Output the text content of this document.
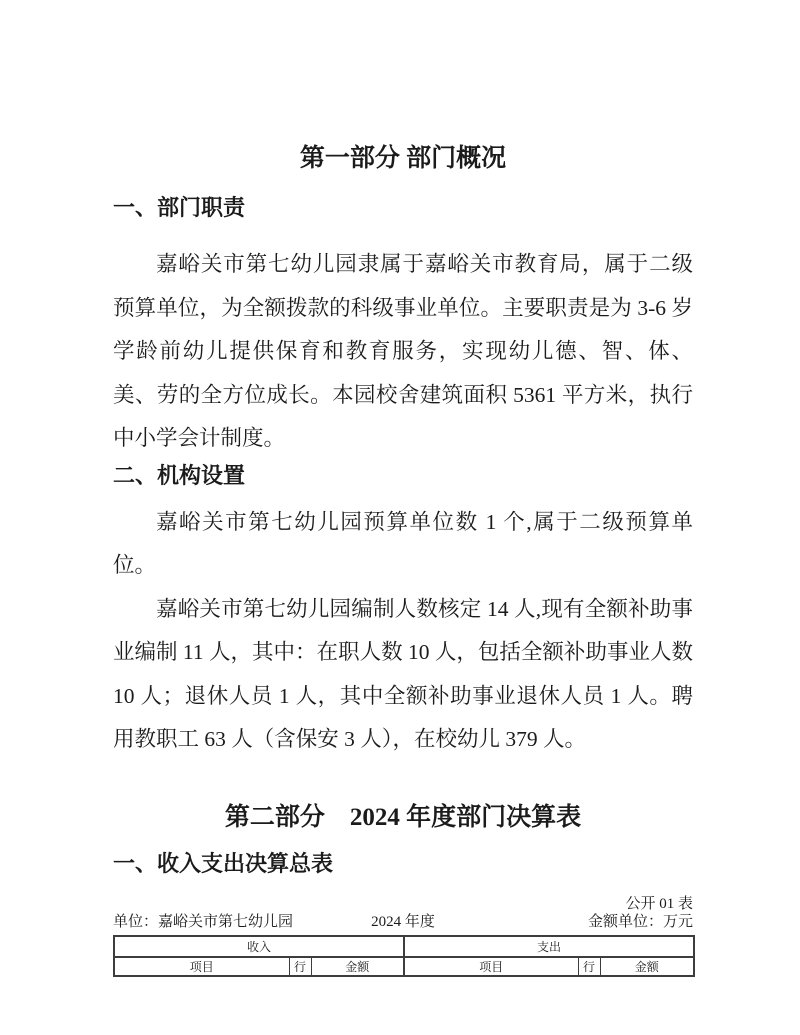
第一部分 部门概况
一、部门职责

嘉峪关市第七幼儿园隶属于嘉峪关市教育局，属于二级预算单位，为全额拨款的科级事业单位。主要职责是为 3-6 岁学龄前幼儿提供保育和教育服务，实现幼儿德、智、体、美、劳的全方位成长。本园校舍建筑面积 5361 平方米，执行中小学会计制度。

二、机构设置

嘉峪关市第七幼儿园预算单位数 1 个,属于二级预算单位。

嘉峪关市第七幼儿园编制人数核定 14 人,现有全额补助事业编制 11 人，其中：在职人数 10 人，包括全额补助事业人数 10 人；退休人员 1 人，其中全额补助事业退休人员 1 人。聘用教职工 63 人（含保安 3 人），在校幼儿 379 人。

第二部分　2024 年度部门决算表
一、收入支出决算总表
公开 01 表
单位：嘉峪关市第七幼儿园	2024 年度	金额单位：万元
收入			支出		
项目	行	金额	项目	行	金额
